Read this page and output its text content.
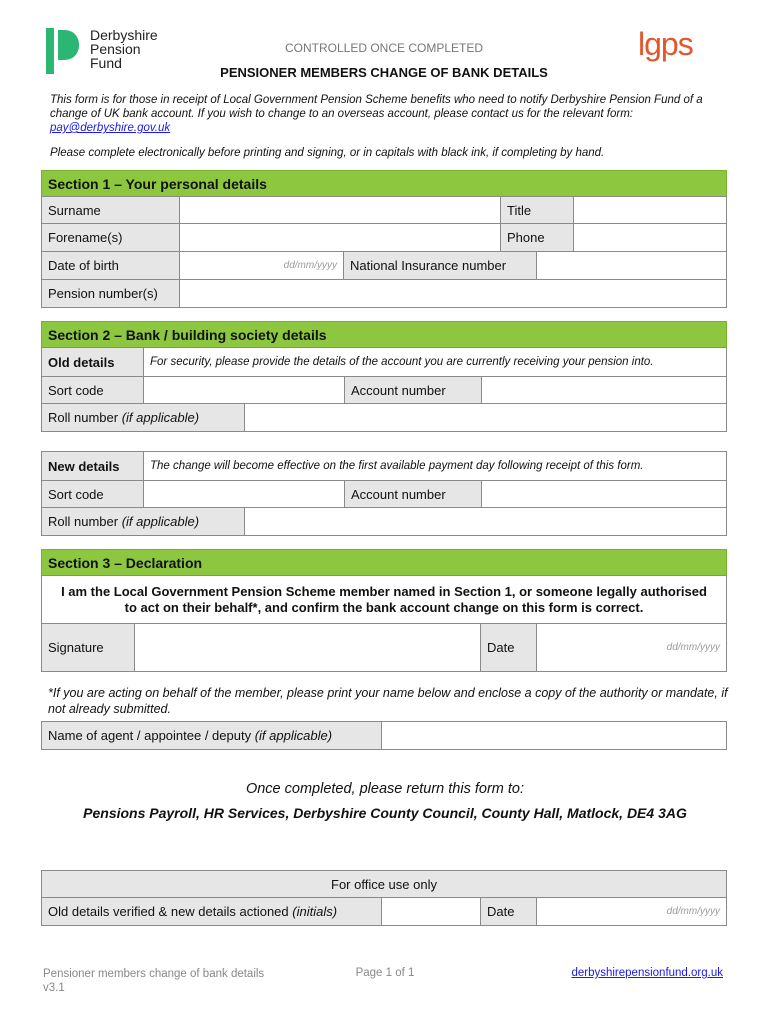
Derbyshire
Pension
Fund
CONTROLLED ONCE COMPLETED
PENSIONER MEMBERS CHANGE OF BANK DETAILS
lgps
This form is for those in receipt of Local Government Pension Scheme benefits who need to notify Derbyshire Pension Fund of a change of UK bank account. If you wish to change to an overseas account, please contact us for the relevant form: pay@derbyshire.gov.uk
Please complete electronically before printing and signing, or in capitals with black ink, if completing by hand.
Section 1 – Your personal details
Surname	Title
Forename(s)	Phone
Date of birth	dd/mm/yyyy	National Insurance number
Pension number(s)
Section 2 – Bank / building society details
Old details	For security, please provide the details of the account you are currently receiving your pension into.
Sort code	Account number
Roll number (if applicable)
New details	The change will become effective on the first available payment day following receipt of this form.
Sort code	Account number
Roll number (if applicable)
Section 3 – Declaration
I am the Local Government Pension Scheme member named in Section 1, or someone legally authorised to act on their behalf*, and confirm the bank account change on this form is correct.
Signature	Date	dd/mm/yyyy
*If you are acting on behalf of the member, please print your name below and enclose a copy of the authority or mandate, if not already submitted.
Name of agent / appointee / deputy (if applicable)
Once completed, please return this form to:
Pensions Payroll, HR Services, Derbyshire County Council, County Hall, Matlock, DE4 3AG
For office use only
Old details verified & new details actioned (initials)	Date	dd/mm/yyyy
Pensioner members change of bank details v3.1
Page 1 of 1	derbyshirepensionfund.org.uk
